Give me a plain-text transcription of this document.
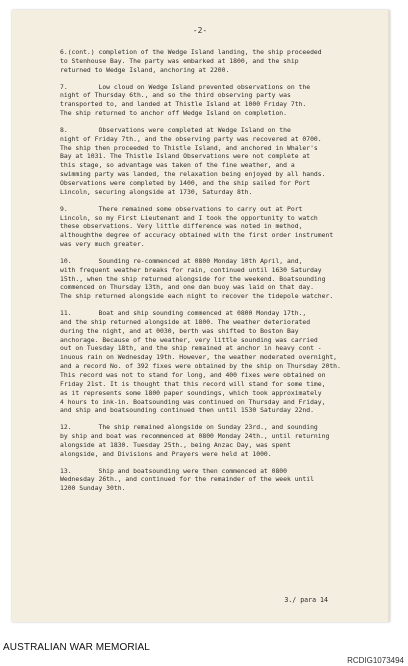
-2-
6.(cont.) completion of the Wedge Island landing, the ship proceeded
to Stenhouse Bay. The party was embarked at 1800, and the ship
returned to Wedge Island, anchoring at 2200.
7.        Low cloud on Wedge Island prevented observations on the
night of Thursday 6th., and so the third observing party was
transported to, and landed at Thistle Island at 1000 Friday 7th.
The ship returned to anchor off Wedge Island on completion.
8.        Observations were completed at Wedge Island on the
night of Friday 7th., and the observing party was recovered at 0700.
The ship then proceeded to Thistle Island, and anchored in Whaler's
Bay at 1031. The Thistle Island Observations were not complete at
this stage, so advantage was taken of the fine weather, and a
swimming party was landed, the relaxation being enjoyed by all hands.
Observations were completed by 1400, and the ship sailed for Port
Lincoln, securing alongside at 1730, Saturday 8th.
9.        There remained some observations to carry out at Port
Lincoln, so my First Lieutenant and I took the opportunity to watch
these observations. Very little difference was noted in method,
althoughthe degree of accuracy obtained with the first order instrument
was very much greater.
10.       Sounding re-commenced at 0800 Monday 10th April, and,
with frequent weather breaks for rain, continued until 1630 Saturday
15th., when the ship returned alongside for the weekend. Boatsounding
commenced on Thursday 13th, and one dan buoy was laid on that day.
The ship returned alongside each night to recover the tidepole watcher.
11.       Boat and ship sounding commenced at 0800 Monday 17th.,
and the ship returned alongside at 1800. The weather deteriorated
during the night, and at 0030, berth was shifted to Boston Bay
anchorage. Because of the weather, very little sounding was carried
out on Tuesday 18th, and the ship remained at anchor in heavy cont -
inuous rain on Wednesday 19th. However, the weather moderated overnight,
and a record No. of 392 fixes were obtained by the ship on Thursday 20th.
This record was not to stand for long, and 400 fixes were obtained on
Friday 21st. It is thought that this record will stand for some time,
as it represents some 1800 paper soundings, which took approximately
4 hours to ink-in. Boatsounding was continued on Thursday and Friday,
and ship and boatsounding continued then until 1530 Saturday 22nd.
12.       The ship remained alongside on Sunday 23rd., and sounding
by ship and boat was recommenced at 0800 Monday 24th., until returning
alongside at 1830. Tuesday 25th., being Anzac Day, was spent
alongside, and Divisions and Prayers were held at 1000.
13.       Ship and boatsounding were then commenced at 0800
Wednesday 26th., and continued for the remainder of the week until
1200 Sunday 30th.
3./ para 14
AUSTRALIAN WAR MEMORIAL
RCDIG1073494
